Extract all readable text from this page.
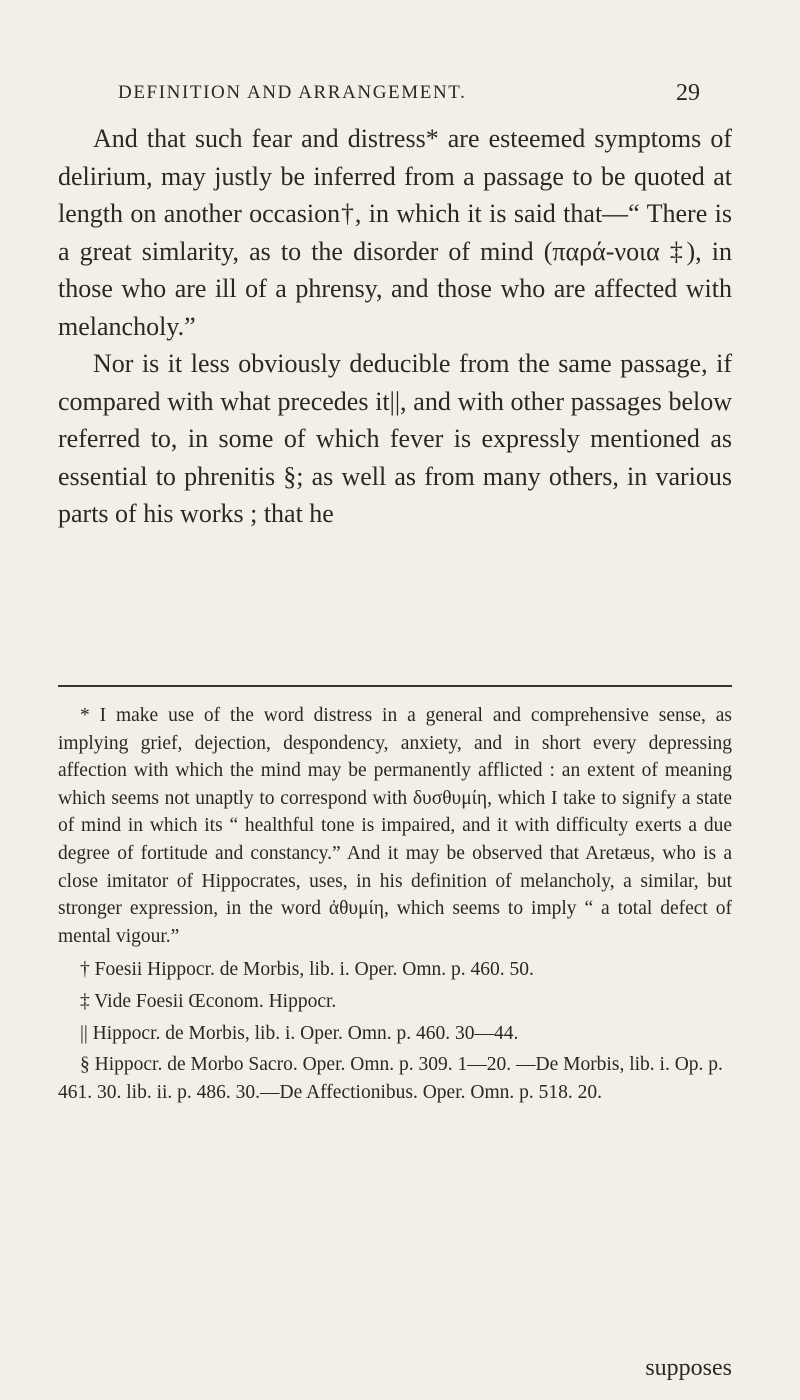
DEFINITION AND ARRANGEMENT.	29

And that such fear and distress* are esteemed symptoms of delirium, may justly be inferred from a passage to be quoted at length on another occasion†, in which it is said that—“ There is a great simlarity, as to the disorder of mind (παρά-νοια ‡), in those who are ill of a phrensy, and those who are affected with melancholy.”

Nor is it less obviously deducible from the same passage, if compared with what precedes it||, and with other passages below referred to, in some of which fever is expressly mentioned as essential to phrenitis §; as well as from many others, in various parts of his works ; that he

* I make use of the word distress in a general and comprehensive sense, as implying grief, dejection, despondency, anxiety, and in short every depressing affection with which the mind may be permanently afflicted : an extent of meaning which seems not unaptly to correspond with δυσθυμίη, which I take to signify a state of mind in which its “ healthful tone is impaired, and it with difficulty exerts a due degree of fortitude and constancy.” And it may be observed that Aretæus, who is a close imitator of Hippocrates, uses, in his definition of melancholy, a similar, but stronger expression, in the word ἀθυμίη, which seems to imply “ a total defect of mental vigour.”

† Foesii Hippocr. de Morbis, lib. i. Oper. Omn. p. 460. 50.

‡ Vide Foesii Œconom. Hippocr.

|| Hippocr. de Morbis, lib. i. Oper. Omn. p. 460. 30—44.

§ Hippocr. de Morbo Sacro. Oper. Omn. p. 309. 1—20. —De Morbis, lib. i. Op. p. 461. 30. lib. ii. p. 486. 30.—De Affectionibus. Oper. Omn. p. 518. 20.

supposes
